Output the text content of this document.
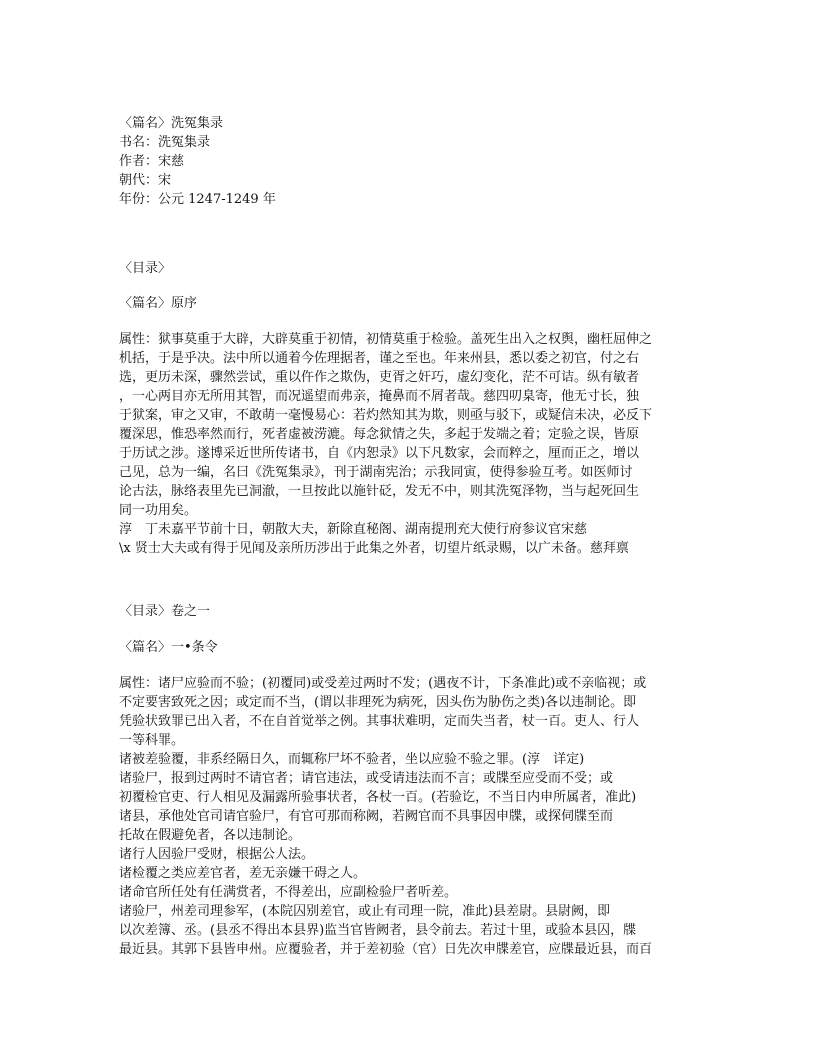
〈篇名〉洗冤集录
书名：洗冤集录
作者：宋慈
朝代：宋
年份：公元 1247-1249 年
〈目录〉
〈篇名〉原序
属性：狱事莫重于大辟，大辟莫重于初情，初情莫重于检验。盖死生出入之权舆，幽枉屈伸之
机括，于是乎决。法中所以通着今佐理据者，谨之至也。年来州县，悉以委之初官，付之右
选，更历未深，骤然尝试，重以仵作之欺伪，吏胥之奸巧，虚幻变化，茫不可诘。纵有敏者
，一心两目亦无所用其智，而况遥望而弗亲，掩鼻而不屑者哉。慈四叨臬寄，他无寸长，独
于狱案，审之又审，不敢萌一毫慢易心：若灼然知其为欺，则亟与驳下，或疑信未决，必反下
覆深思，惟恐率然而行，死者虚被涝漉。每念狱情之失，多起于发端之着；定验之误，皆原
于历试之涉。遂博采近世所传诸书，自《内恕录》以下凡数家，会而粹之，厘而正之，增以
己见，总为一编，名曰《洗冤集录》，刊于湖南宪治；示我同寅，使得参验互考。如医师讨
论古法，脉络表里先已洞澈，一旦按此以施针砭，发无不中，则其洗冤泽物，当与起死回生
同一功用矣。
淳　丁未嘉平节前十日，朝散大夫，新除直秘阁、湖南提刑充大使行府参议官宋慈
\x 贤士大夫或有得于见闻及亲所历涉出于此集之外者，切望片纸录赐，以广未备。慈拜禀
〈目录〉卷之一
〈篇名〉一•条令
属性：诸尸应验而不验；(初覆同)或受差过两时不发；(遇夜不计，下条准此)或不亲临视；或
不定要害致死之因；或定而不当，(谓以非理死为病死，因头伤为胁伤之类)各以违制论。即
凭验状致罪已出入者，不在自首觉举之例。其事状难明，定而失当者，杖一百。吏人、行人
一等科罪。
诸被差验覆，非系经隔日久，而辄称尸坏不验者，坐以应验不验之罪。(淳　详定)
诸验尸，报到过两时不请官者；请官违法，或受请违法而不言；或牒至应受而不受；或
初覆检官吏、行人相见及漏露所验事状者，各杖一百。(若验讫，不当日内申所属者，准此)
诸县，承他处官司请官验尸，有官可那而称阙，若阙官而不具事因申牒，或探伺牒至而
托故在假避免者，各以违制论。
诸行人因验尸受财，根据公人法。
诸检覆之类应差官者，差无亲嫌干碍之人。
诸命官所任处有任满赏者，不得差出，应副检验尸者听差。
诸验尸，州差司理参军，(本院囚别差官，或止有司理一院，准此)县差尉。县尉阙，即
以次差簿、丞。(县丞不得出本县界)监当官皆阙者，县令前去。若过十里，或验本县囚，牒
最近县。其郭下县皆申州。应覆验者，并于差初验（官）日先次申牒差官，应牒最近县，而百
